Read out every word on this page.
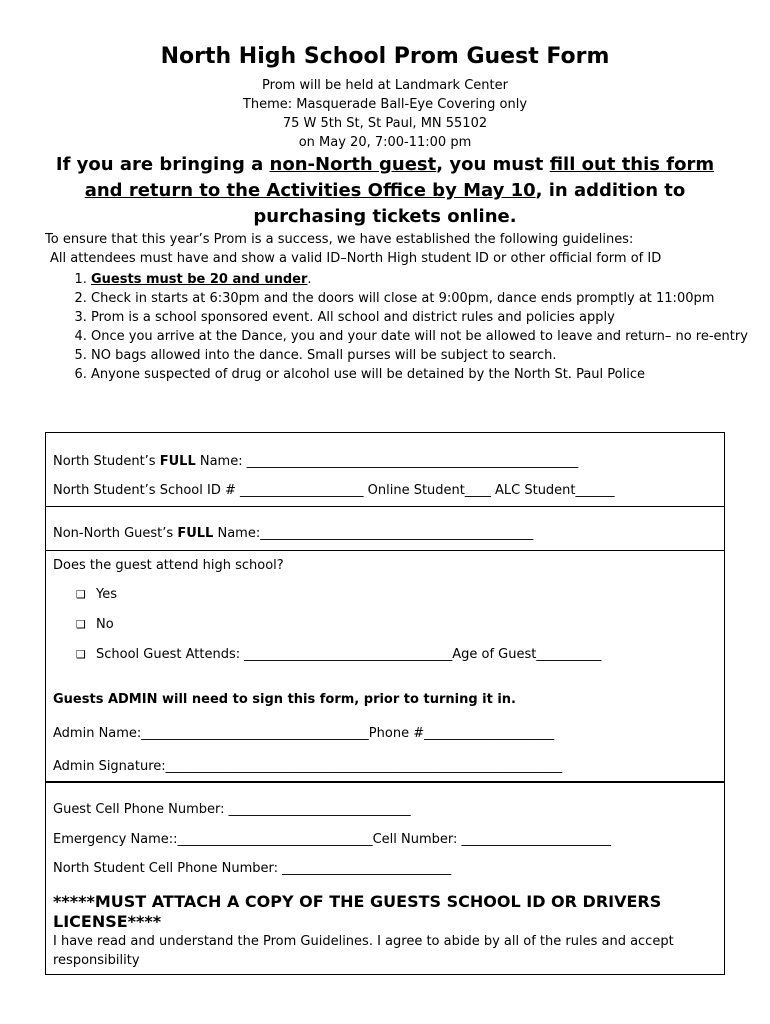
North High School Prom Guest Form
Prom will be held at Landmark Center
Theme: Masquerade Ball-Eye Covering only
75 W 5th St, St Paul, MN 55102
on May 20, 7:00-11:00 pm
If you are bringing a non-North guest, you must fill out this form and return to the Activities Office by May 10, in addition to purchasing tickets online.
To ensure that this year’s Prom is a success, we have established the following guidelines:
All attendees must have and show a valid ID–North High student ID or other official form of ID
1. Guests must be 20 and under.
2. Check in starts at 6:30pm and the doors will close at 9:00pm, dance ends promptly at 11:00pm
3. Prom is a school sponsored event. All school and district rules and policies apply
4. Once you arrive at the Dance, you and your date will not be allowed to leave and return– no re-entry
5. NO bags allowed into the dance. Small purses will be subject to search.
6. Anyone suspected of drug or alcohol use will be detained by the North St. Paul Police
North Student’s FULL Name: ___________________________________________________
North Student’s School ID # ___________________ Online Student____ ALC Student______
Non-North Guest’s FULL Name:__________________________________________
Does the guest attend high school?
❑ Yes
❑ No
❑ School Guest Attends: ________________________________Age of Guest__________
Guests ADMIN will need to sign this form, prior to turning it in.
Admin Name:___________________________________Phone #____________________
Admin Signature:_____________________________________________________________
Guest Cell Phone Number: ____________________________
Emergency Name::______________________________Cell Number: _______________________
North Student Cell Phone Number: __________________________
*****MUST ATTACH A COPY OF THE GUESTS SCHOOL ID OR DRIVERS LICENSE****
I have read and understand the Prom Guidelines. I agree to abide by all of the rules and accept responsibility
